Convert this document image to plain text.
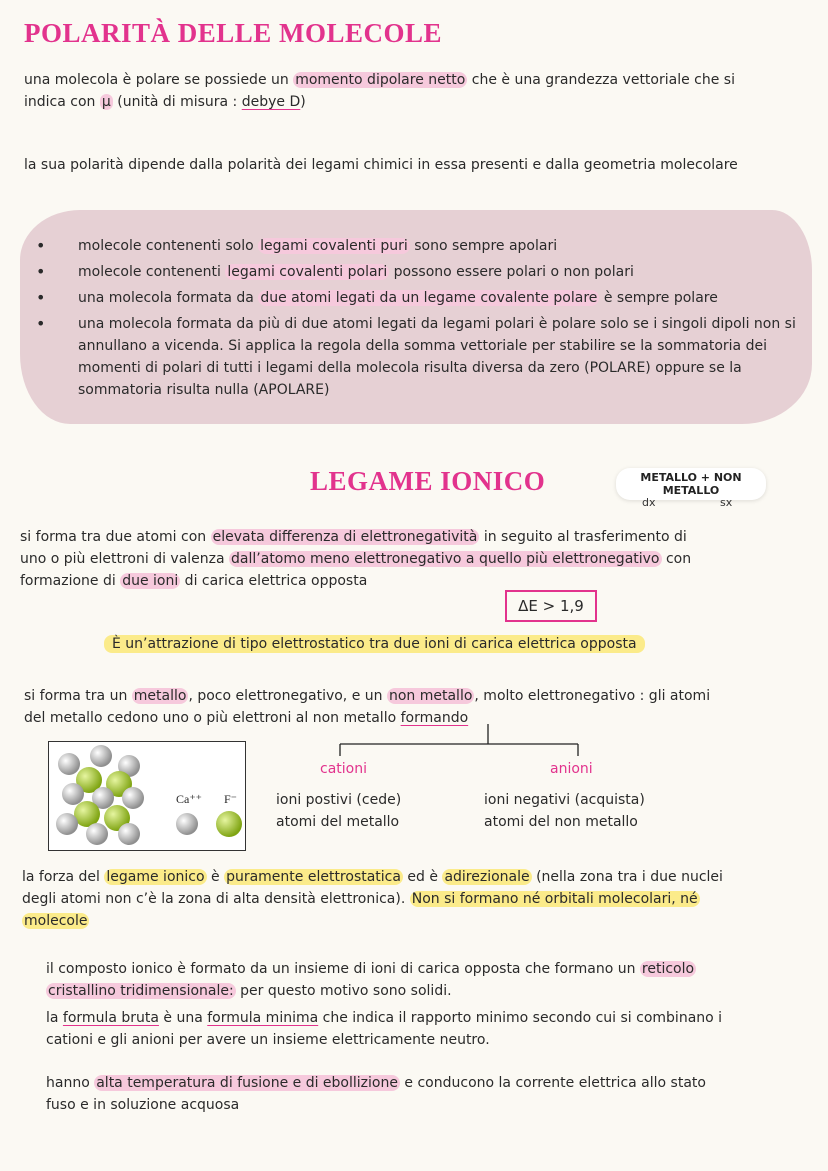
POLARITÀ DELLE MOLECOLE
una molecola è polare se possiede un momento dipolare netto che è una grandezza vettoriale che si
indica con μ (unità di misura : debye D)
la sua polarità dipende dalla polarità dei legami chimici in essa presenti e dalla geometria molecolare
• molecole contenenti solo legami covalenti puri sono sempre apolari
• molecole contenenti legami covalenti polari possono essere polari o non polari
• una molecola formata da due atomi legati da un legame covalente polare è sempre polare
• una molecola formata da più di due atomi legati da legami polari è polare solo se i singoli dipoli non si annullano a vicenda. Si applica la regola della somma vettoriale per stabilire se la sommatoria dei momenti di polari di tutti i legami della molecola risulta diversa da zero (POLARE) oppure se la sommatoria risulta nulla (APOLARE)
LEGAME IONICO	METALLO + NON METALLO
dx	sx
si forma tra due atomi con elevata differenza di elettronegatività in seguito al trasferimento di
uno o più elettroni di valenza dall’atomo meno elettronegativo a quello più elettronegativo con
formazione di due ioni di carica elettrica opposta
ΔE > 1,9
È un’attrazione di tipo elettrostatico tra due ioni di carica elettrica opposta
si forma tra un metallo , poco elettronegativo, e un non metallo , molto elettronegativo : gli atomi
del metallo cedono uno o più elettroni al non metallo formando
Ca⁺⁺ F⁻
cationi
ioni postivi (cede)
atomi del metallo
anioni
ioni negativi (acquista)
atomi del non metallo
la forza del legame ionico è puramente elettrostatica ed è adirezionale (nella zona tra i due nuclei
degli atomi non c’è la zona di alta densità elettronica). Non si formano né orbitali molecolari, né
molecole
il composto ionico è formato da un insieme di ioni di carica opposta che formano un reticolo
cristallino tridimensionale: per questo motivo sono solidi.
la formula bruta è una formula minima che indica il rapporto minimo secondo cui si combinano i
cationi e gli anioni per avere un insieme elettricamente neutro.
hanno alta temperatura di fusione e di ebollizione e conducono la corrente elettrica allo stato
fuso e in soluzione acquosa
